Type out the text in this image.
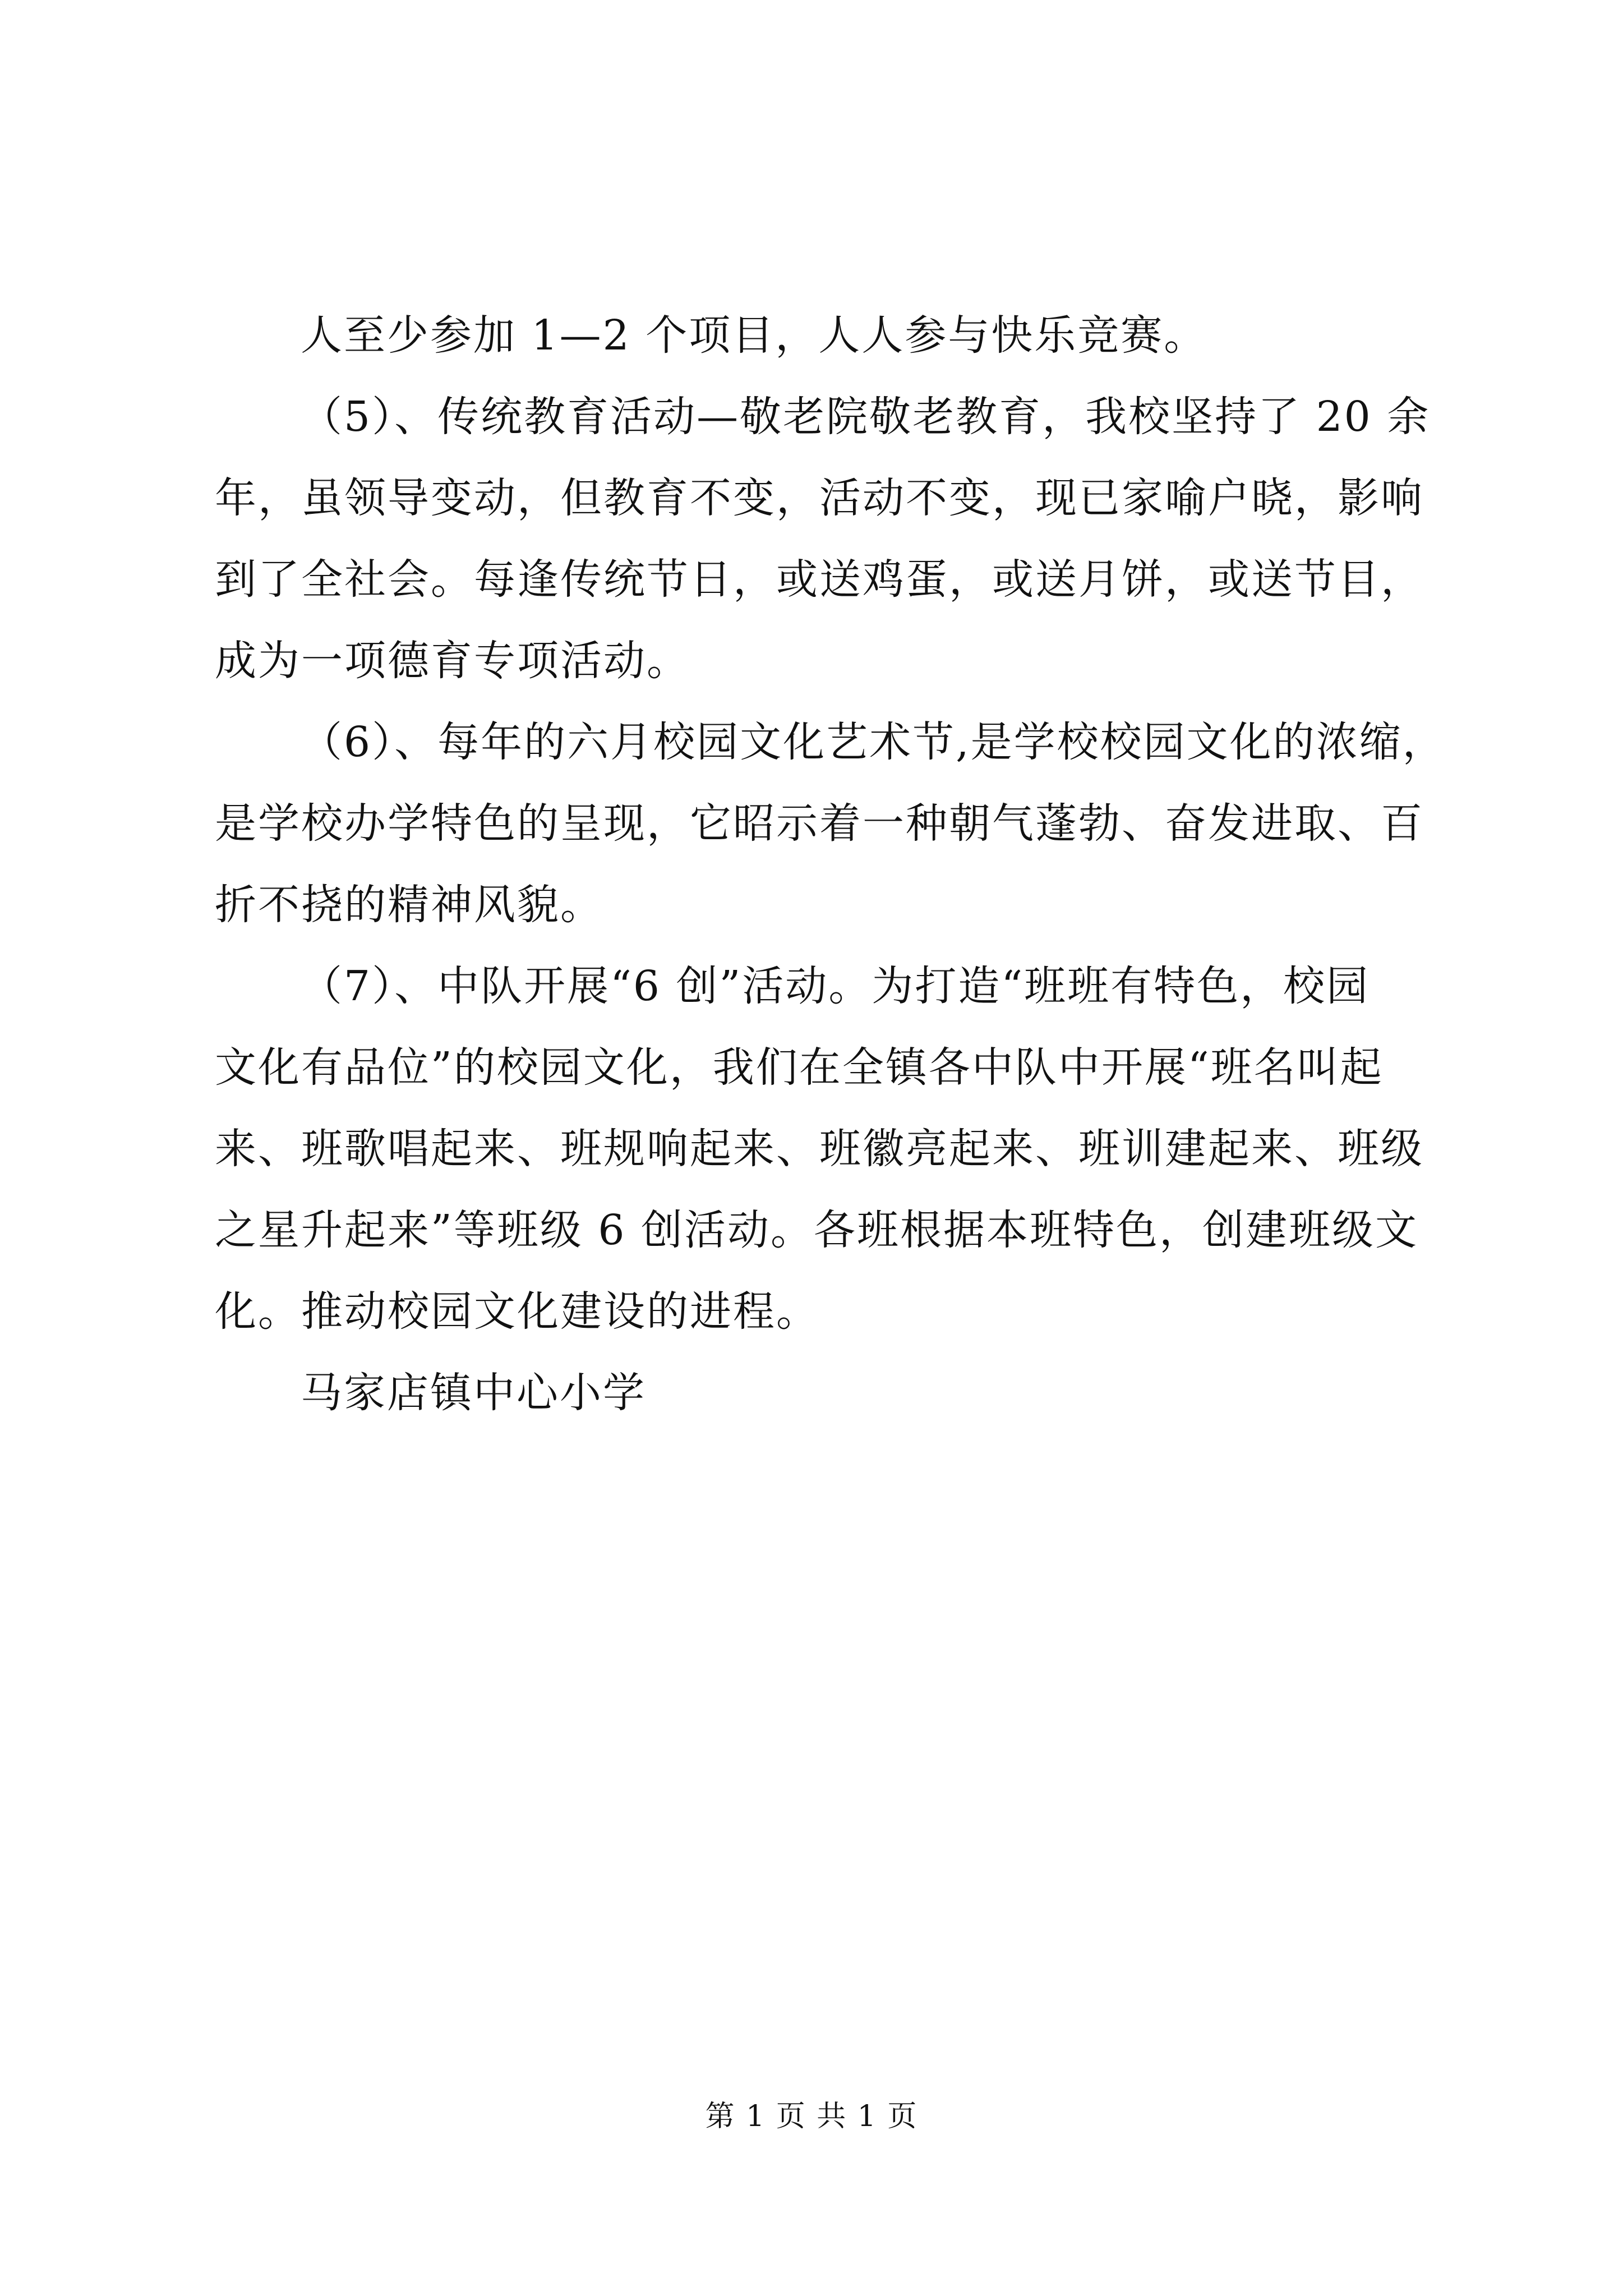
人至少参加 1—2 个项目，人人参与快乐竞赛。
（5）、传统教育活动—敬老院敬老教育，我校坚持了 20 余
年，虽领导变动，但教育不变，活动不变，现已家喻户晓，影响
到了全社会。每逢传统节日，或送鸡蛋，或送月饼，或送节目，
成为一项德育专项活动。
（6）、每年的六月校园文化艺术节,是学校校园文化的浓缩，
是学校办学特色的呈现，它昭示着一种朝气蓬勃、奋发进取、百
折不挠的精神风貌。
（7）、中队开展“6 创”活动。为打造“班班有特色，校园
文化有品位”的校园文化，我们在全镇各中队中开展“班名叫起
来、班歌唱起来、班规响起来、班徽亮起来、班训建起来、班级
之星升起来”等班级 6 创活动。各班根据本班特色，创建班级文
化。推动校园文化建设的进程。
马家店镇中心小学
第 1 页 共 1 页
